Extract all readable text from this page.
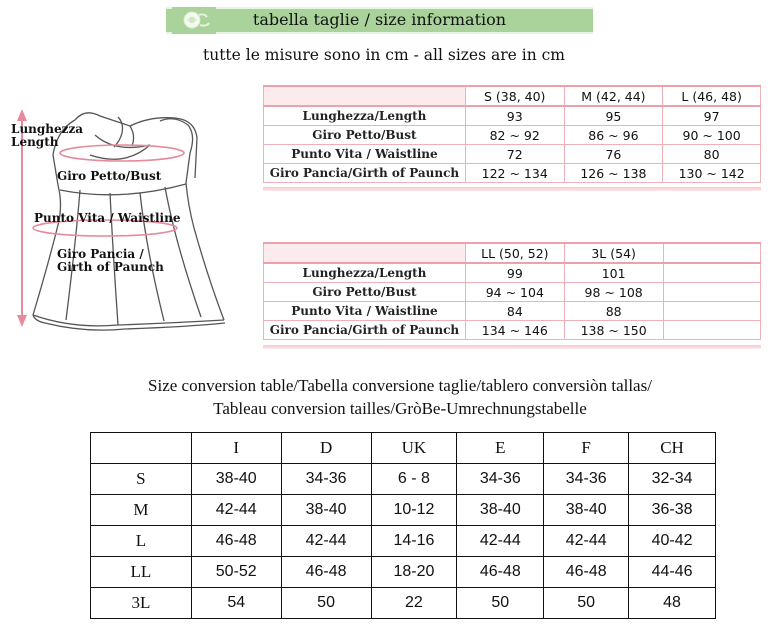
tabella taglie / size information
tutte le misure sono in cm - all sizes are in cm
Lunghezza
Length
Giro Petto/Bust
Punto Vita / Waistline
Giro Pancia /
Girth of Paunch
	S (38, 40)	M (42, 44)	L (46, 48)
Lunghezza/Length	93	95	97
Giro Petto/Bust	82 ~ 92	86 ~ 96	90 ~ 100
Punto Vita / Waistline	72	76	80
Giro Pancia/Girth of Paunch	122 ~ 134	126 ~ 138	130 ~ 142
	LL (50, 52)	3L (54)	
Lunghezza/Length	99	101	
Giro Petto/Bust	94 ~ 104	98 ~ 108	
Punto Vita / Waistline	84	88	
Giro Pancia/Girth of Paunch	134 ~ 146	138 ~ 150	
Size conversion table/Tabella conversione taglie/tablero conversiòn tallas/
Tableau conversion tailles/GròBe-Umrechnungstabelle
	I	D	UK	E	F	CH
S	38-40	34-36	6 - 8	34-36	34-36	32-34
M	42-44	38-40	10-12	38-40	38-40	36-38
L	46-48	42-44	14-16	42-44	42-44	40-42
LL	50-52	46-48	18-20	46-48	46-48	44-46
3L	54	50	22	50	50	48
